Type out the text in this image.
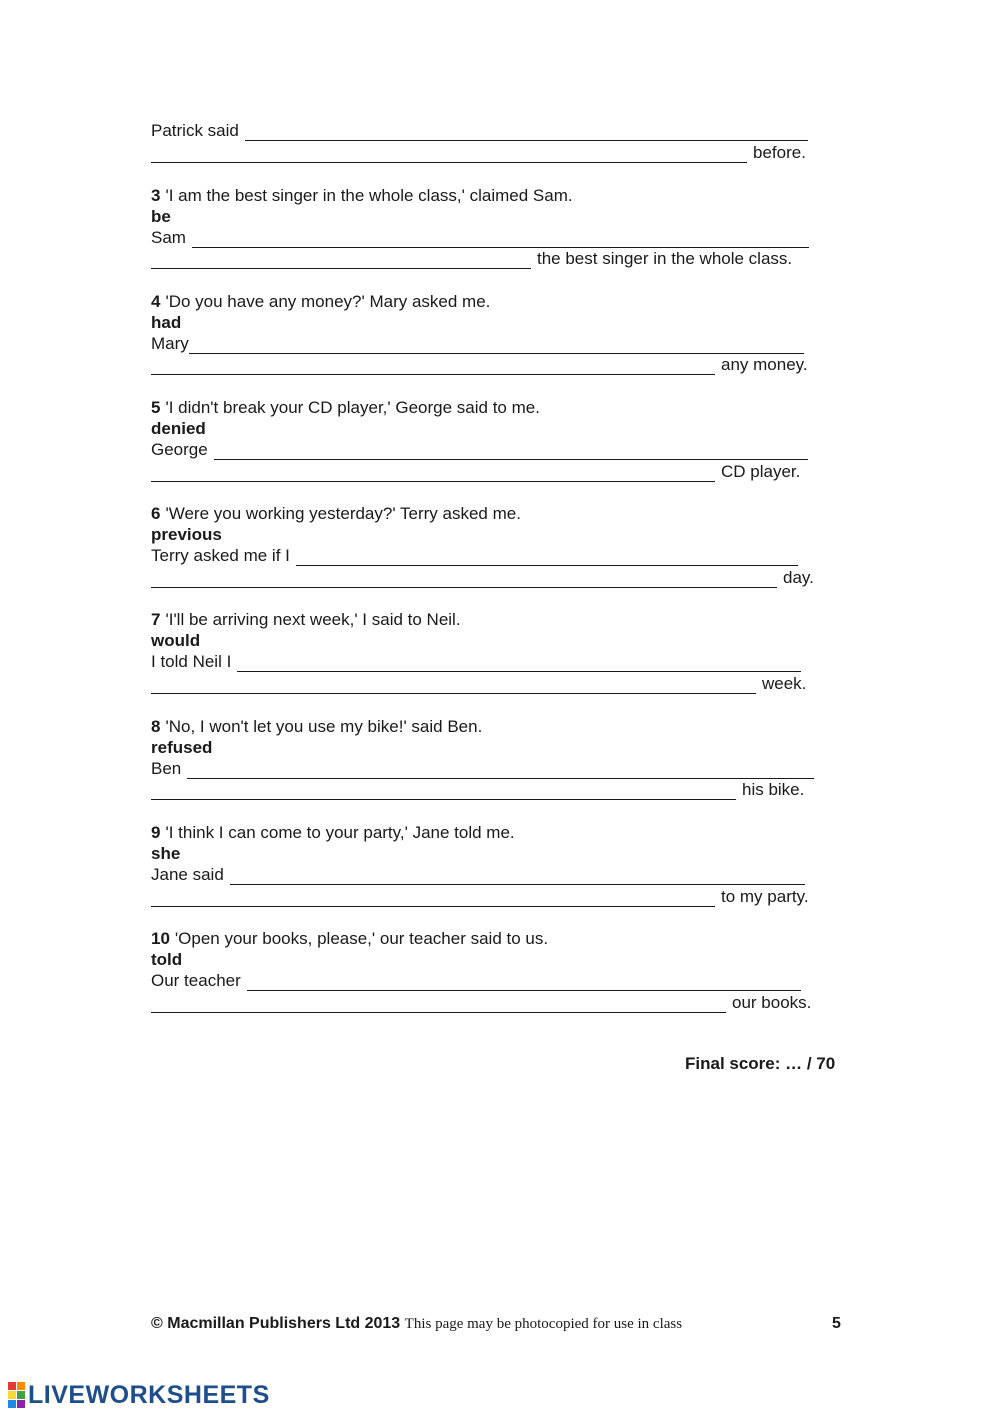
Patrick said
before.
3 'I am the best singer in the whole class,' claimed Sam.
be
Sam
the best singer in the whole class.
4 'Do you have any money?' Mary asked me.
had
Mary
any money.
5 'I didn't break your CD player,' George said to me.
denied
George
CD player.
6 'Were you working yesterday?' Terry asked me.
previous
Terry asked me if I
day.
7 'I'll be arriving next week,' I said to Neil.
would
I told Neil I
week.
8 'No, I won't let you use my bike!' said Ben.
refused
Ben
his bike.
9 'I think I can come to your party,' Jane told me.
she
Jane said
to my party.
10 'Open your books, please,' our teacher said to us.
told
Our teacher
our books.
Final score: … / 70
© Macmillan Publishers Ltd 2013 This page may be photocopied for use in class	5
LIVEWORKSHEETS
